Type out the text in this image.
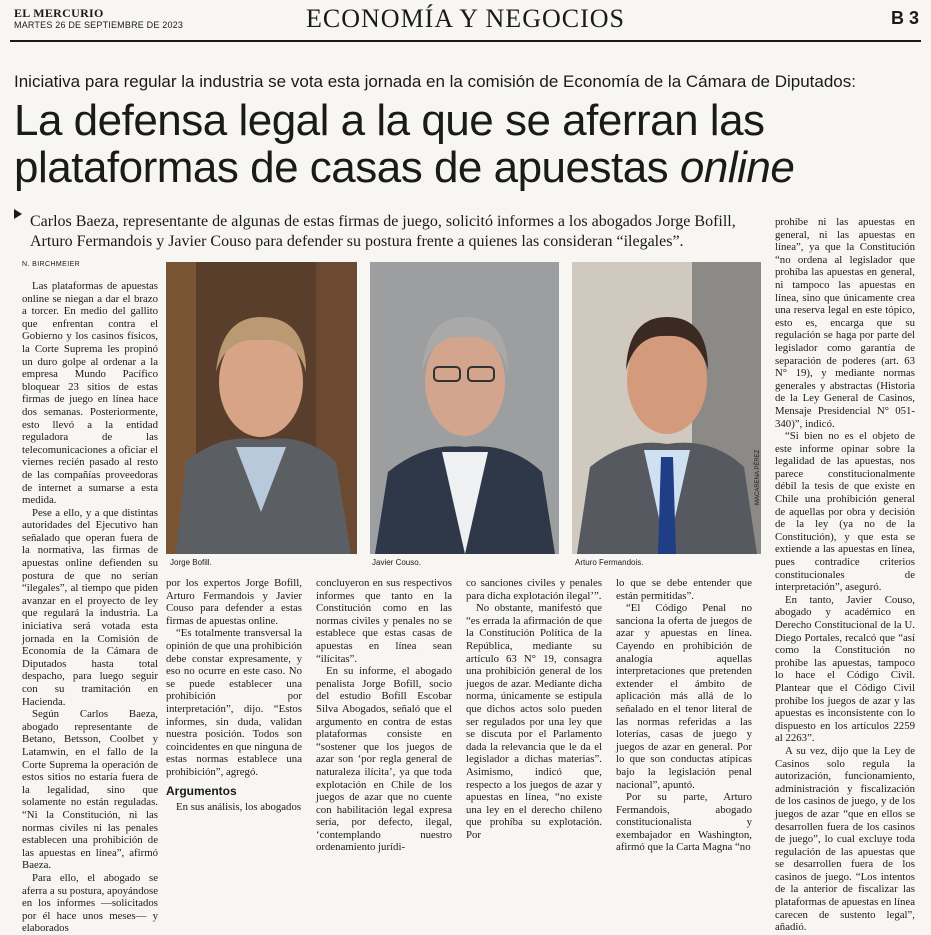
EL MERCURIO
MARTES 26 DE SEPTIEMBRE DE 2023	ECONOMÍA Y NEGOCIOS	B 3
Iniciativa para regular la industria se vota esta jornada en la comisión de Economía de la Cámara de Diputados:
La defensa legal a la que se aferran las
plataformas de casas de apuestas online
Carlos Baeza, representante de algunas de estas firmas de juego, solicitó informes a los abogados Jorge Bofill, Arturo Fermandois y Javier Couso para defender su postura frente a quienes las consideran “ilegales”.
N. BIRCHMEIER

Las plataformas de apuestas online se niegan a dar el brazo a torcer. En medio del gallito que enfrentan contra el Gobierno y los casinos físicos, la Corte Suprema les propinó un duro golpe al ordenar a la empresa Mundo Pacífico bloquear 23 sitios de estas firmas de juego en línea hace dos semanas. Posteriormente, esto llevó a la entidad reguladora de las telecomunicaciones a oficiar el viernes recién pasado al resto de las compañías proveedoras de internet a sumarse a esta medida.

Pese a ello, y a que distintas autoridades del Ejecutivo han señalado que operan fuera de la normativa, las firmas de apuestas online defienden su postura de que no serían “ilegales”, al tiempo que piden avanzar en el proyecto de ley que regulará la industria. La iniciativa será votada esta jornada en la Comisión de Economía de la Cámara de Diputados hasta total despacho, para luego seguir con su tramitación en Hacienda.

Según Carlos Baeza, abogado representante de Betano, Betsson, Coolbet y Latamwin, en el fallo de la Corte Suprema la operación de estos sitios no estaría fuera de la legalidad, sino que solamente no están reguladas. “Ni la Constitución, ni las normas civiles ni las penales establecen una prohibición de las apuestas en línea”, afirmó Baeza.

Para ello, el abogado se aferra a su postura, apoyándose en los informes —solicitados por él hace unos meses— y elaborados

Jorge Bofill.	Javier Couso.	Arturo Fermandois.
MACARENA PÉREZ

por los expertos Jorge Bofill, Arturo Fermandois y Javier Couso para defender a estas firmas de apuestas online.

“Es totalmente transversal la opinión de que una prohibición debe constar expresamente, y eso no ocurre en este caso. No se puede establecer una prohibición por interpretación”, dijo. “Estos informes, sin duda, validan nuestra posición. Todos son coincidentes en que ninguna de estas normas establece una prohibición”, agregó.

Argumentos

En sus análisis, los abogados

concluyeron en sus respectivos informes que tanto en la Constitución como en las normas civiles y penales no se establece que estas casas de apuestas en línea sean “ilícitas”.

En su informe, el abogado penalista Jorge Bofill, socio del estudio Bofill Escobar Silva Abogados, señaló que el argumento en contra de estas plataformas consiste en “sostener que los juegos de azar son ‘por regla general de naturaleza ilícita’, ya que toda explotación en Chile de los juegos de azar que no cuente con habilitación legal expresa sería, por defecto, ilegal, ‘contemplando nuestro ordenamiento jurídi-

co sanciones civiles y penales para dicha explotación ilegal’”.

No obstante, manifestó que “es errada la afirmación de que la Constitución Política de la República, mediante su artículo 63 N° 19, consagra una prohibición general de los juegos de azar. Mediante dicha norma, únicamente se estipula que dichos actos solo pueden ser regulados por una ley que se discuta por el Parlamento dada la relevancia que le da el legislador a dichas materias”. Asimismo, indicó que, respecto a los juegos de azar y apuestas en línea, “no existe una ley en el derecho chileno que prohíba su explotación. Por

lo que se debe entender que están permitidas”.

“El Código Penal no sanciona la oferta de juegos de azar y apuestas en línea. Cayendo en prohibición de analogía aquellas interpretaciones que pretenden extender el ámbito de aplicación más allá de lo señalado en el tenor literal de las normas referidas a las loterías, casas de juego y juegos de azar en general. Por lo que son conductas atípicas bajo la legislación penal nacional”, apuntó.

Por su parte, Arturo Fermandois, abogado constitucionalista y exembajador en Washington, afirmó que la Carta Magna “no

prohíbe ni las apuestas en general, ni las apuestas en línea”, ya que la Constitución “no ordena al legislador que prohíba las apuestas en general, ni tampoco las apuestas en línea, sino que únicamente crea una reserva legal en este tópico, esto es, encarga que su regulación se haga por parte del legislador como garantía de separación de poderes (art. 63 N° 19), y mediante normas generales y abstractas (Historia de la Ley General de Casinos, Mensaje Presidencial N° 051-340)”, indicó.

“Si bien no es el objeto de este informe opinar sobre la legalidad de las apuestas, nos parece constitucionalmente débil la tesis de que existe en Chile una prohibición general de aquellas por obra y decisión de la ley (ya no de la Constitución), y que esta se extiende a las apuestas en línea, pues contradice criterios constitucionales de interpretación”, aseguró.

En tanto, Javier Couso, abogado y académico en Derecho Constitucional de la U. Diego Portales, recalcó que “así como la Constitución no prohíbe las apuestas, tampoco lo hace el Código Civil. Plantear que el Código Civil prohíbe los juegos de azar y las apuestas es inconsistente con lo dispuesto en los artículos 2259 al 2263”.

A su vez, dijo que la Ley de Casinos solo regula la autorización, funcionamiento, administración y fiscalización de los casinos de juego, y de los juegos de azar “que en ellos se desarrollen fuera de los casinos de juego”, lo cual excluye toda regulación de las apuestas que se desarrollen fuera de los casinos de juego. “Los intentos de la anterior de fiscalizar las plataformas de apuestas en línea carecen de sustento legal”, añadió.
